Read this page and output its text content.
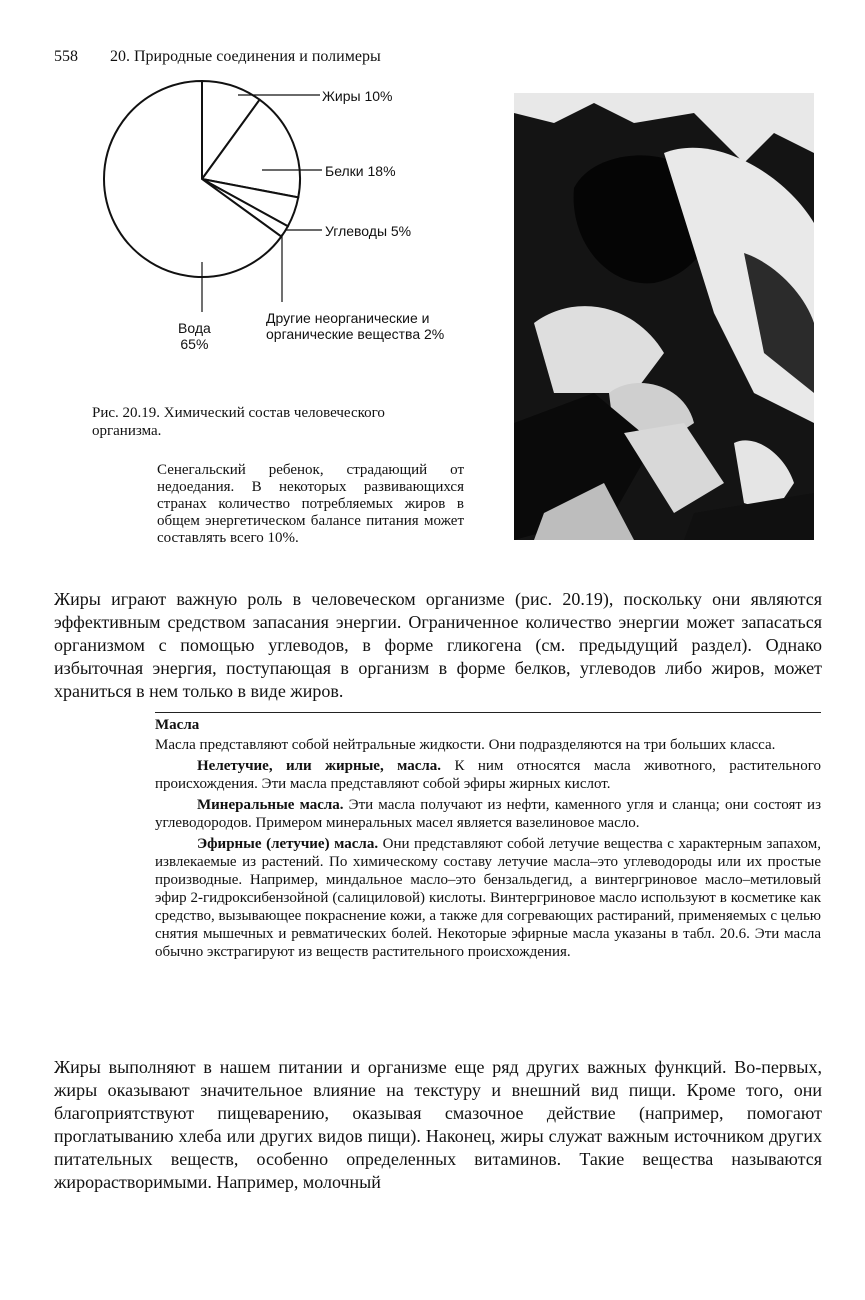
558 20. Природные соединения и полимеры
Жиры 10%
Белки 18%
Углеводы 5%
Другие неорганические и
органические вещества 2%
Вода
65%
Рис. 20.19. Химический состав человеческого
организма.
Сенегальский ребенок, страдающий от недоедания. В некоторых развивающихся странах количество потребляемых жиров в общем энергетическом балансе питания может составлять всего 10%.

Жиры играют важную роль в человеческом организме (рис. 20.19), поскольку они являются эффективным средством запасания энергии. Ограниченное количество энергии может запасаться организмом с помощью углеводов, в форме гликогена (см. предыдущий раздел). Однако избыточная энергия, поступающая в организм в форме белков, углеводов либо жиров, может храниться в нем только в виде жиров.

Масла

Масла представляют собой нейтральные жидкости. Они подразделяются на три больших класса.

Нелетучие, или жирные, масла. К ним относятся масла животного, растительного происхождения. Эти масла представляют собой эфиры жирных кислот.

Минеральные масла. Эти масла получают из нефти, каменного угля и сланца; они состоят из углеводородов. Примером минеральных масел является вазелиновое масло.

Эфирные (летучие) масла. Они представляют собой летучие вещества с характерным запахом, извлекаемые из растений. По химическому составу летучие масла–это углеводороды или их простые производные. Например, миндальное масло–это бензальдегид, а винтергриновое масло–метиловый эфир 2-гидроксибензойной (салициловой) кислоты. Винтергриновое масло используют в косметике как средство, вызывающее покраснение кожи, а также для согревающих растираний, применяемых с целью снятия мышечных и ревматических болей. Некоторые эфирные масла указаны в табл. 20.6. Эти масла обычно экстрагируют из веществ растительного происхождения.

Жиры выполняют в нашем питании и организме еще ряд других важных функций. Во-первых, жиры оказывают значительное влияние на текстуру и внешний вид пищи. Кроме того, они благоприятствуют пищеварению, оказывая смазочное действие (например, помогают проглатыванию хлеба или других видов пищи). Наконец, жиры служат важным источником других питательных веществ, особенно определенных витаминов. Такие вещества называются жирорастворимыми. Например, молочный
